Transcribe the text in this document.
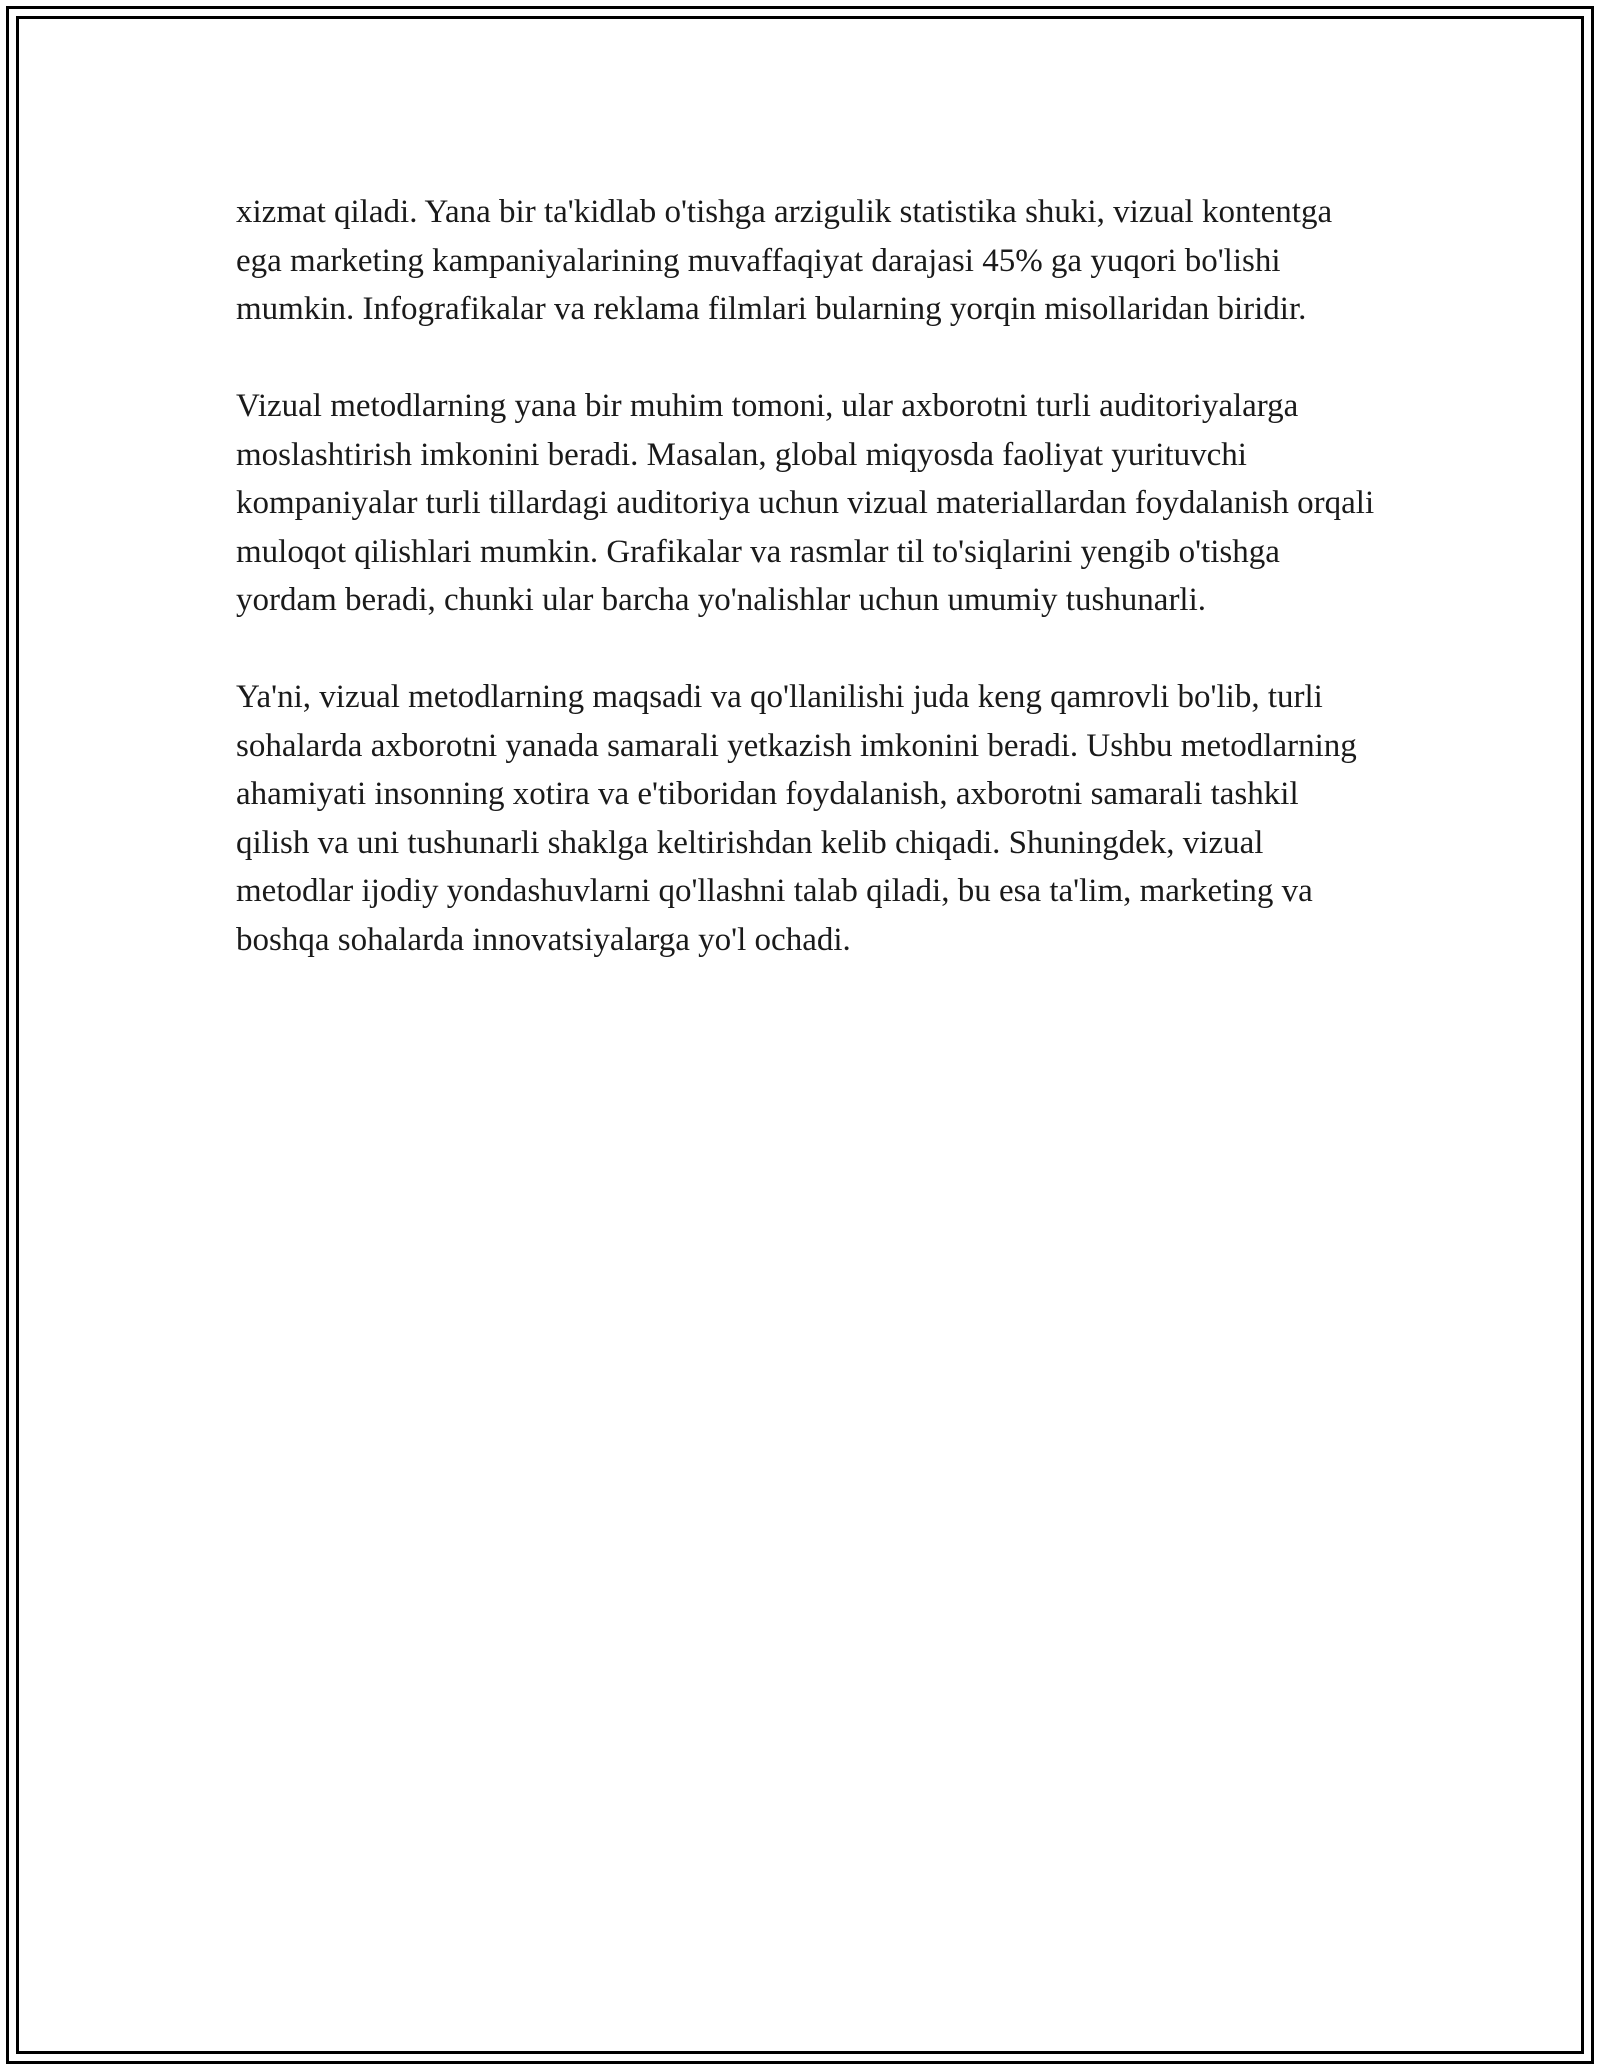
xizmat qiladi. Yana bir ta'kidlab o'tishga arzigulik statistika shuki, vizual kontentga ega marketing kampaniyalarining muvaffaqiyat darajasi 45% ga yuqori bo'lishi mumkin. Infografikalar va reklama filmlari bularning yorqin misollaridan biridir.

Vizual metodlarning yana bir muhim tomoni, ular axborotni turli auditoriyalarga moslashtirish imkonini beradi. Masalan, global miqyosda faoliyat yurituvchi kompaniyalar turli tillardagi auditoriya uchun vizual materiallardan foydalanish orqali muloqot qilishlari mumkin. Grafikalar va rasmlar til to'siqlarini yengib o'tishga yordam beradi, chunki ular barcha yo'nalishlar uchun umumiy tushunarli.

Ya'ni, vizual metodlarning maqsadi va qo'llanilishi juda keng qamrovli bo'lib, turli sohalarda axborotni yanada samarali yetkazish imkonini beradi. Ushbu metodlarning ahamiyati insonning xotira va e'tiboridan foydalanish, axborotni samarali tashkil qilish va uni tushunarli shaklga keltirishdan kelib chiqadi. Shuningdek, vizual metodlar ijodiy yondashuvlarni qo'llashni talab qiladi, bu esa ta'lim, marketing va boshqa sohalarda innovatsiyalarga yo'l ochadi.
